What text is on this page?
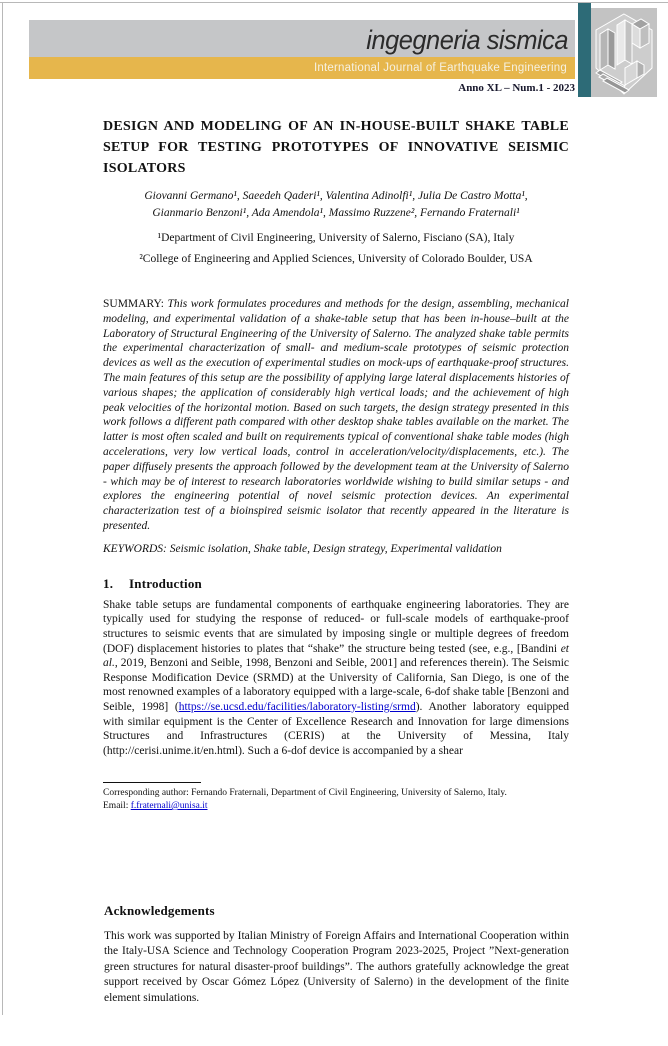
ingegneria sismica
International Journal of Earthquake Engineering
Anno XL – Num.1 - 2023
DESIGN AND MODELING OF AN IN-HOUSE-BUILT SHAKE TABLE SETUP FOR TESTING PROTOTYPES OF INNOVATIVE SEISMIC ISOLATORS
Giovanni Germano¹, Saeedeh Qaderi¹, Valentina Adinolfi¹, Julia De Castro Motta¹,
Gianmario Benzoni¹, Ada Amendola¹, Massimo Ruzzene², Fernando Fraternali¹
¹Department of Civil Engineering, University of Salerno, Fisciano (SA), Italy
²College of Engineering and Applied Sciences, University of Colorado Boulder, USA

SUMMARY: This work formulates procedures and methods for the design, assembling, mechanical modeling, and experimental validation of a shake-table setup that has been in-house–built at the Laboratory of Structural Engineering of the University of Salerno. The analyzed shake table permits the experimental characterization of small- and medium-scale prototypes of seismic protection devices as well as the execution of experimental studies on mock-ups of earthquake-proof structures. The main features of this setup are the possibility of applying large lateral displacements histories of various shapes; the application of considerably high vertical loads; and the achievement of high peak velocities of the horizontal motion. Based on such targets, the design strategy presented in this work follows a different path compared with other desktop shake tables available on the market. The latter is most often scaled and built on requirements typical of conventional shake table modes (high accelerations, very low vertical loads, control in acceleration/velocity/displacements, etc.). The paper diffusely presents the approach followed by the development team at the University of Salerno - which may be of interest to research laboratories worldwide wishing to build similar setups - and explores the engineering potential of novel seismic protection devices. An experimental characterization test of a bioinspired seismic isolator that recently appeared in the literature is presented.

KEYWORDS: Seismic isolation, Shake table, Design strategy, Experimental validation

1. Introduction

Shake table setups are fundamental components of earthquake engineering laboratories. They are typically used for studying the response of reduced- or full-scale models of earthquake-proof structures to seismic events that are simulated by imposing single or multiple degrees of freedom (DOF) displacement histories to plates that “shake” the structure being tested (see, e.g., [Bandini et al., 2019, Benzoni and Seible, 1998, Benzoni and Seible, 2001] and references therein). The Seismic Response Modification Device (SRMD) at the University of California, San Diego, is one of the most renowned examples of a laboratory equipped with a large-scale, 6-dof shake table [Benzoni and Seible, 1998] (https://se.ucsd.edu/facilities/laboratory-listing/srmd). Another laboratory equipped with similar equipment is the Center of Excellence Research and Innovation for large dimensions Structures and Infrastructures (CERIS) at the University of Messina, Italy (http://cerisi.unime.it/en.html). Such a 6-dof device is accompanied by a shear

Corresponding author: Fernando Fraternali, Department of Civil Engineering, University of Salerno, Italy.
Email: f.fraternali@unisa.it
Acknowledgements

This work was supported by Italian Ministry of Foreign Affairs and International Cooperation within the Italy-USA Science and Technology Cooperation Program 2023-2025, Project ”Next-generation green structures for natural disaster-proof buildings”. The authors gratefully acknowledge the great support received by Oscar Gómez López (University of Salerno) in the development of the finite element simulations.
